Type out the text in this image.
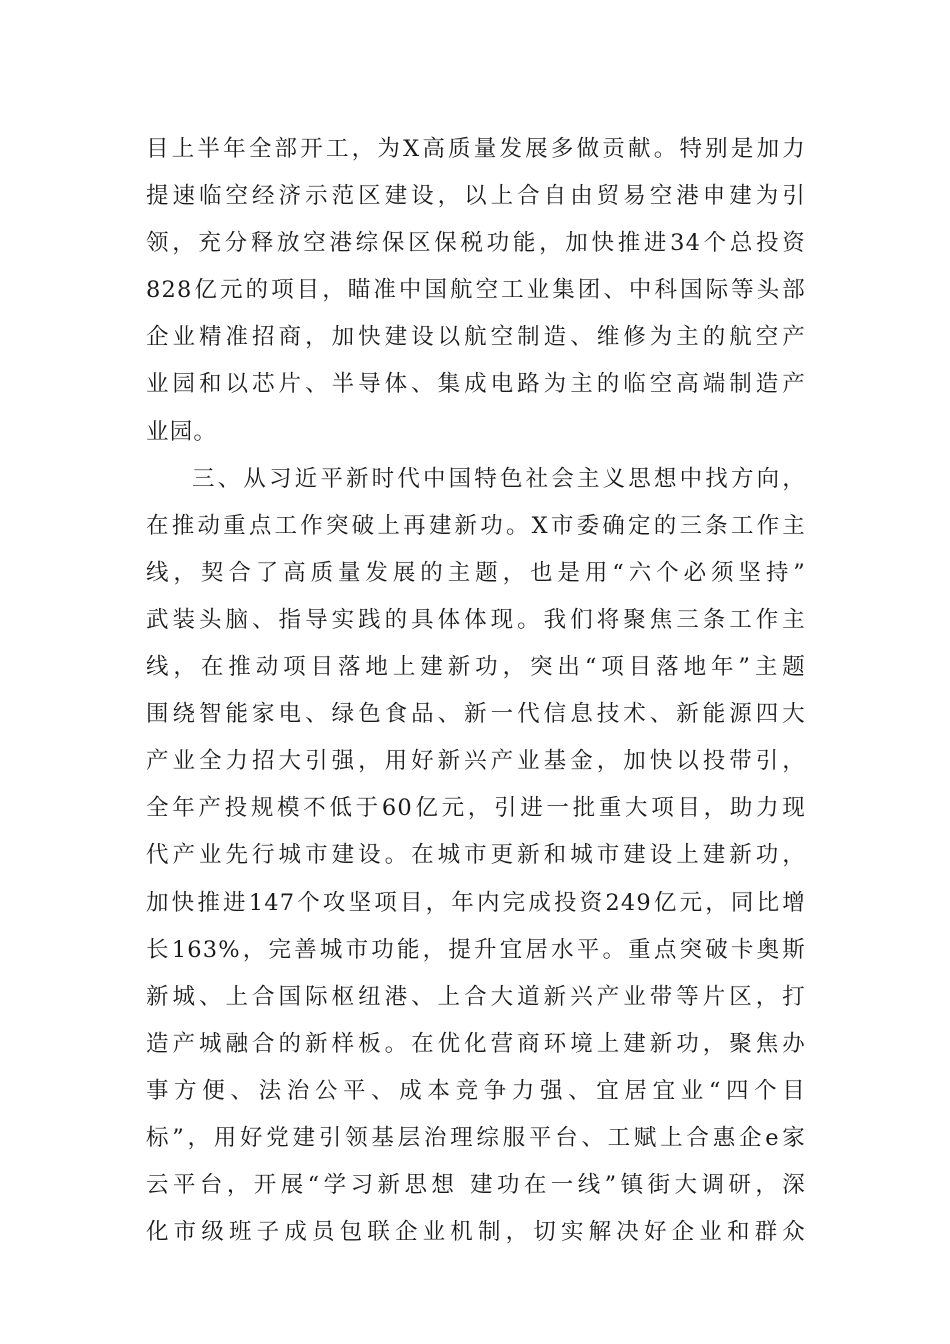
目上半年全部开工，为X高质量发展多做贡献。特别是加力
提速临空经济示范区建设，以上合自由贸易空港申建为引
领，充分释放空港综保区保税功能，加快推进34个总投资
828亿元的项目，瞄准中国航空工业集团、中科国际等头部
企业精准招商，加快建设以航空制造、维修为主的航空产
业园和以芯片、半导体、集成电路为主的临空高端制造产
业园。
三、从习近平新时代中国特色社会主义思想中找方向，
在推动重点工作突破上再建新功。X市委确定的三条工作主
线，契合了高质量发展的主题，也是用“六个必须坚持”
武装头脑、指导实践的具体体现。我们将聚焦三条工作主
线，在推动项目落地上建新功，突出“项目落地年”主题
围绕智能家电、绿色食品、新一代信息技术、新能源四大
产业全力招大引强，用好新兴产业基金，加快以投带引，
全年产投规模不低于60亿元，引进一批重大项目，助力现
代产业先行城市建设。在城市更新和城市建设上建新功，
加快推进147个攻坚项目，年内完成投资249亿元，同比增
长163%，完善城市功能，提升宜居水平。重点突破卡奥斯
新城、上合国际枢纽港、上合大道新兴产业带等片区，打
造产城融合的新样板。在优化营商环境上建新功，聚焦办
事方便、法治公平、成本竞争力强、宜居宜业“四个目
标”，用好党建引领基层治理综服平台、工赋上合惠企e家
云平台，开展“学习新思想 建功在一线”镇街大调研，深
化市级班子成员包联企业机制，切实解决好企业和群众
